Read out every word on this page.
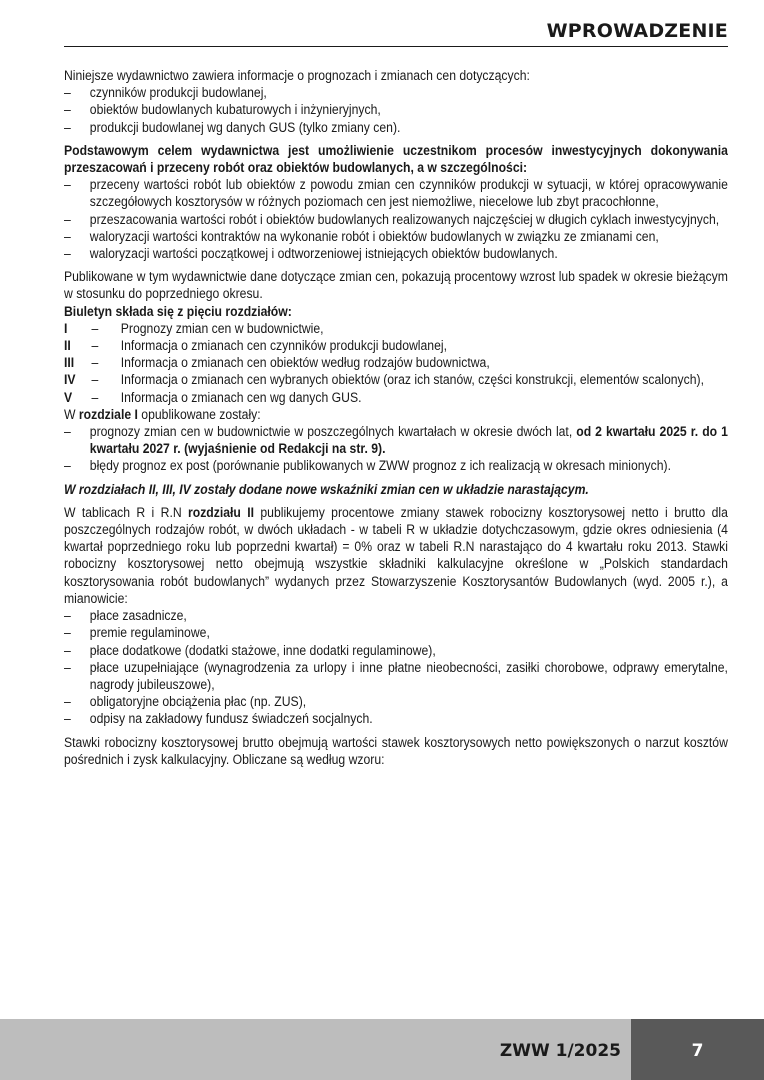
WPROWADZENIE

Niniejsze wydawnictwo zawiera informacje o prognozach i zmianach cen dotyczących:

– czynników produkcji budowlanej,
– obiektów budowlanych kubaturowych i inżynieryjnych,
– produkcji budowlanej wg danych GUS (tylko zmiany cen).

Podstawowym celem wydawnictwa jest umożliwienie uczestnikom procesów inwestycyjnych dokonywania przeszacowań i przeceny robót oraz obiektów budowlanych, a w szczególności:

– przeceny wartości robót lub obiektów z powodu zmian cen czynników produkcji w sytuacji, w której opracowywanie szczegółowych kosztorysów w różnych poziomach cen jest niemożliwe, niecelowe lub zbyt pracochłonne,
– przeszacowania wartości robót i obiektów budowlanych realizowanych najczęściej w długich cyklach inwestycyjnych,
– waloryzacji wartości kontraktów na wykonanie robót i obiektów budowlanych w związku ze zmianami cen,
– waloryzacji wartości początkowej i odtworzeniowej istniejących obiektów budowlanych.

Publikowane w tym wydawnictwie dane dotyczące zmian cen, pokazują procentowy wzrost lub spadek w okresie bieżącym w stosunku do poprzedniego okresu.

Biuletyn składa się z pięciu rozdziałów:

I – Prognozy zmian cen w budownictwie,
II – Informacja o zmianach cen czynników produkcji budowlanej,
III – Informacja o zmianach cen obiektów według rodzajów budownictwa,
IV – Informacja o zmianach cen wybranych obiektów (oraz ich stanów, części konstrukcji, elementów scalonych),
V – Informacja o zmianach cen wg danych GUS.

W rozdziale I opublikowane zostały:

– prognozy zmian cen w budownictwie w poszczególnych kwartałach w okresie dwóch lat, od 2 kwartału 2025 r. do 1 kwartału 2027 r. (wyjaśnienie od Redakcji na str. 9).
– błędy prognoz ex post (porównanie publikowanych w ZWW prognoz z ich realizacją w okresach minionych).

W rozdziałach II, III, IV zostały dodane nowe wskaźniki zmian cen w układzie narastającym.

W tablicach R i R.N rozdziału II publikujemy procentowe zmiany stawek robocizny kosztorysowej netto i brutto dla poszczególnych rodzajów robót, w dwóch układach - w tabeli R w układzie dotychczasowym, gdzie okres odniesienia (4 kwartał poprzedniego roku lub poprzedni kwartał) = 0% oraz w tabeli R.N narastająco do 4 kwartału roku 2013. Stawki robocizny kosztorysowej netto obejmują wszystkie składniki kalkulacyjne określone w „Polskich standardach kosztorysowania robót budowlanych” wydanych przez Stowarzyszenie Kosztorysantów Budowlanych (wyd. 2005 r.), a mianowicie:

– płace zasadnicze,
– premie regulaminowe,
– płace dodatkowe (dodatki stażowe, inne dodatki regulaminowe),
– płace uzupełniające (wynagrodzenia za urlopy i inne płatne nieobecności, zasiłki chorobowe, odprawy emerytalne, nagrody jubileuszowe),
– obligatoryjne obciążenia płac (np. ZUS),
– odpisy na zakładowy fundusz świadczeń socjalnych.

Stawki robocizny kosztorysowej brutto obejmują wartości stawek kosztorysowych netto powiększonych o narzut kosztów pośrednich i zysk kalkulacyjny. Obliczane są według wzoru:

ZWW 1/2025	7
